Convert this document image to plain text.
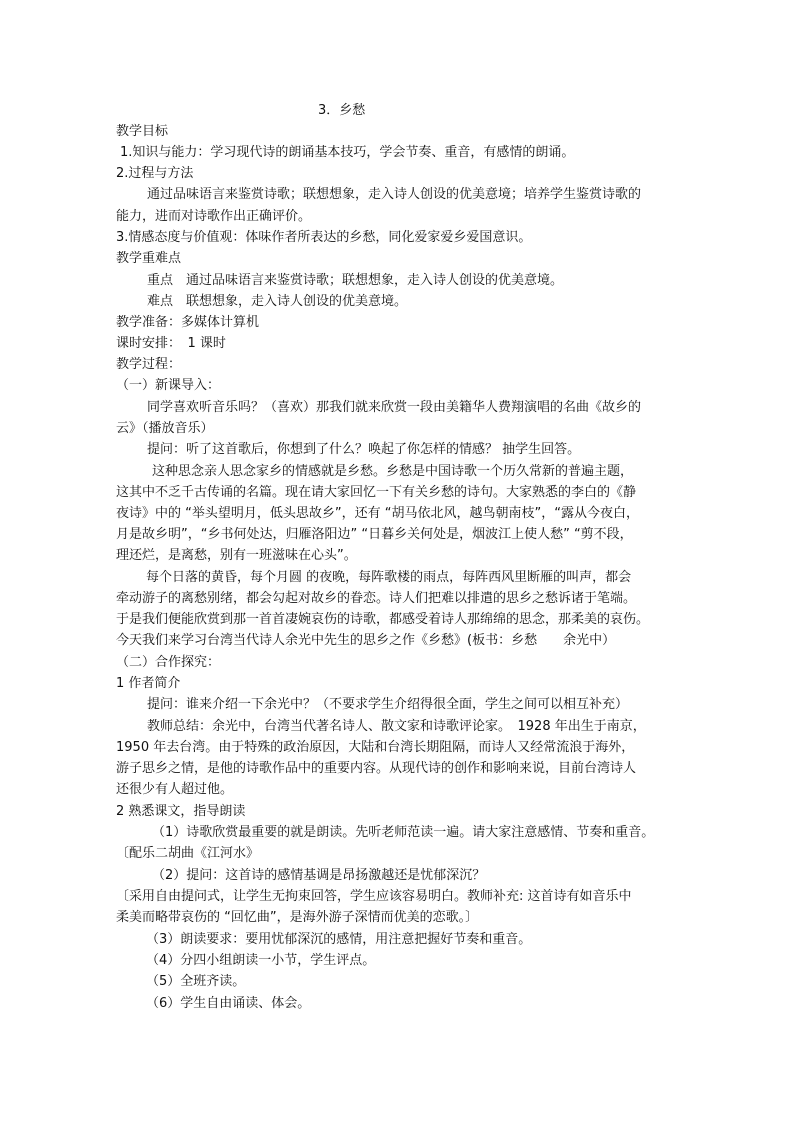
3．乡愁
教学目标
1.知识与能力：学习现代诗的朗诵基本技巧，学会节奏、重音，有感情的朗诵。
2.过程与方法
通过品味语言来鉴赏诗歌；联想想象，走入诗人创设的优美意境；培养学生鉴赏诗歌的
能力，进而对诗歌作出正确评价。
3.情感态度与价值观：体味作者所表达的乡愁，同化爱家爱乡爱国意识。
教学重难点
重点　通过品味语言来鉴赏诗歌；联想想象，走入诗人创设的优美意境。
难点　联想想象，走入诗人创设的优美意境。
教学准备：多媒体计算机
课时安排：　1 课时
教学过程：
（一）新课导入：
同学喜欢听音乐吗？（喜欢）那我们就来欣赏一段由美籍华人费翔演唱的名曲《故乡的
云》（播放音乐）
提问：听了这首歌后，你想到了什么？唤起了你怎样的情感？ 抽学生回答。
这种思念亲人思念家乡的情感就是乡愁。乡愁是中国诗歌一个历久常新的普遍主题，
这其中不乏千古传诵的名篇。现在请大家回忆一下有关乡愁的诗句。大家熟悉的李白的《静
夜诗》中的 “举头望明月，低头思故乡”，还有 “胡马依北风，越鸟朝南枝”，“露从今夜白，
月是故乡明”，“乡书何处达，归雁洛阳边” “日暮乡关何处是，烟波江上使人愁” “剪不段，
理还烂，是离愁，别有一班滋味在心头”。
每个日落的黄昏，每个月圆 的夜晚，每阵歌楼的雨点，每阵西风里断雁的叫声，都会
牵动游子的离愁别绪，都会勾起对故乡的眷恋。诗人们把难以排遣的思乡之愁诉诸于笔端。
于是我们便能欣赏到那一首首凄婉哀伤的诗歌，都感受着诗人那绵绵的思念，那柔美的哀伤。
今天我们来学习台湾当代诗人余光中先生的思乡之作《乡愁》(板书：乡愁　　余光中）
（二）合作探究：
1 作者简介
提问：谁来介绍一下余光中？（不要求学生介绍得很全面，学生之间可以相互补充）
教师总结：余光中，台湾当代著名诗人、散文家和诗歌评论家。　1928 年出生于南京，
1950 年去台湾。由于特殊的政治原因，大陆和台湾长期阻隔，而诗人又经常流浪于海外，
游子思乡之情，是他的诗歌作品中的重要内容。从现代诗的创作和影响来说，目前台湾诗人
还很少有人超过他。
2 熟悉课文，指导朗读
（1）诗歌欣赏最重要的就是朗读。先听老师范读一遍。请大家注意感情、节奏和重音。
〔配乐二胡曲《江河水》
（2）提问：这首诗的感情基调是昂扬激越还是忧郁深沉？
〔采用自由提问式，让学生无拘束回答，学生应该容易明白。教师补充: 这首诗有如音乐中
柔美而略带哀伤的 “回忆曲”，是海外游子深情而优美的恋歌。〕
（3）朗读要求：要用忧郁深沉的感情，用注意把握好节奏和重音。
（4）分四小组朗读一小节，学生评点。
（5）全班齐读。
（6）学生自由诵读、体会。
